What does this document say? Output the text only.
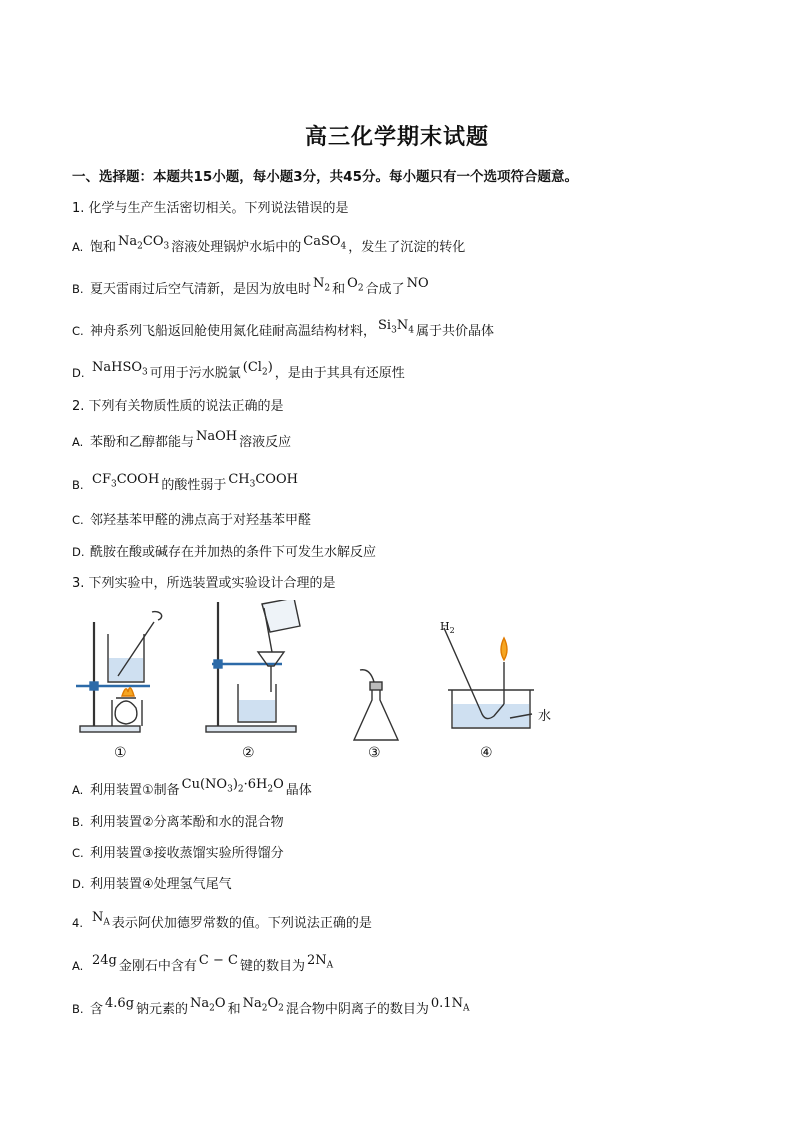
高三化学期末试题
一、选择题：本题共15小题，每小题3分，共45分。每小题只有一个选项符合题意。
1. 化学与生产生活密切相关。下列说法错误的是
A. 饱和 $Na_2CO_3$ 溶液处理锅炉水垢中的 CaSO$_4$ ，发生了沉淀的转化
B. 夏天雷雨过后空气清新，是因为放电时 $N_2$ 和 $O_2$ 合成了 NO
C. 神舟系列飞船返回舱使用氮化硅耐高温结构材料， $Si_3N_4$ 属于共价晶体
D. NaHSO$_3$ 可用于污水脱氯 $(Cl_2)$ ，是由于其具有还原性
2. 下列有关物质性质的说法正确的是
A. 苯酚和乙醇都能与 NaOH 溶液反应
B. $CF_3COOH$ 的酸性弱于 $CH_3COOH$
C. 邻羟基苯甲醛的沸点高于对羟基苯甲醛
D. 酰胺在酸或碱存在并加热的条件下可发生水解反应
3. 下列实验中，所选装置或实验设计合理的是
$H_2$
水
①	②	③	④
A. 利用装置①制备 $Cu(NO_3)_2\cdot 6H_2O$ 晶体
B. 利用装置②分离苯酚和水的混合物
C. 利用装置③接收蒸馏实验所得馏分
D. 利用装置④处理氢气尾气
4. $N_A$ 表示阿伏加德罗常数的值。下列说法正确的是
A. 24g 金刚石中含有 C − C 键的数目为 $2N_A$
B. 含 4.6g 钠元素的 $Na_2O$ 和 $Na_2O_2$ 混合物中阴离子的数目为 $0.1N_A$
